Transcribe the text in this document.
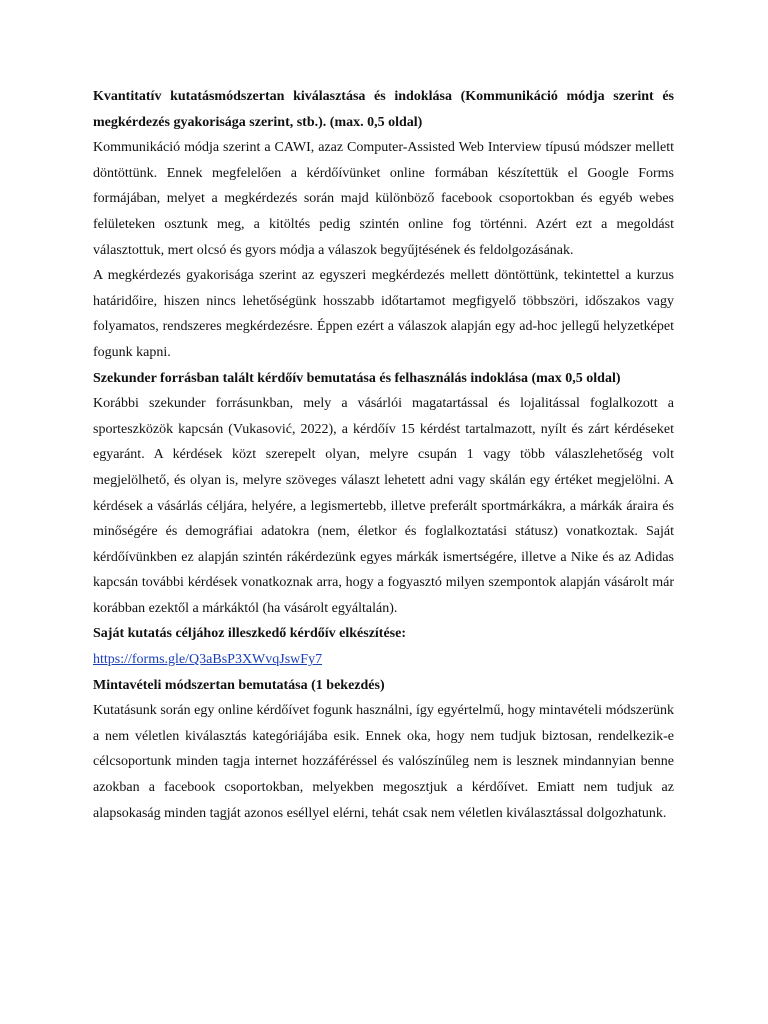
Kvantitatív kutatásmódszertan kiválasztása és indoklása (Kommunikáció módja szerint és megkérdezés gyakorisága szerint, stb.). (max. 0,5 oldal)

Kommunikáció módja szerint a CAWI, azaz Computer-Assisted Web Interview típusú módszer mellett döntöttünk. Ennek megfelelően a kérdőívünket online formában készítettük el Google Forms formájában, melyet a megkérdezés során majd különböző facebook csoportokban és egyéb webes felületeken osztunk meg, a kitöltés pedig szintén online fog történni. Azért ezt a megoldást választottuk, mert olcsó és gyors módja a válaszok begyűjtésének és feldolgozásának.

A megkérdezés gyakorisága szerint az egyszeri megkérdezés mellett döntöttünk, tekintettel a kurzus határidőire, hiszen nincs lehetőségünk hosszabb időtartamot megfigyelő többszöri, időszakos vagy folyamatos, rendszeres megkérdezésre. Éppen ezért a válaszok alapján egy ad-hoc jellegű helyzetképet fogunk kapni.

Szekunder forrásban talált kérdőív bemutatása és felhasználás indoklása (max 0,5 oldal)

Korábbi szekunder forrásunkban, mely a vásárlói magatartással és lojalitással foglalkozott a sporteszközök kapcsán (Vukasović, 2022), a kérdőív 15 kérdést tartalmazott, nyílt és zárt kérdéseket egyaránt. A kérdések közt szerepelt olyan, melyre csupán 1 vagy több válaszlehetőség volt megjelölhető, és olyan is, melyre szöveges választ lehetett adni vagy skálán egy értéket megjelölni. A kérdések a vásárlás céljára, helyére, a legismertebb, illetve preferált sportmárkákra, a márkák áraira és minőségére és demográfiai adatokra (nem, életkor és foglalkoztatási státusz) vonatkoztak. Saját kérdőívünkben ez alapján szintén rákérdezünk egyes márkák ismertségére, illetve a Nike és az Adidas kapcsán további kérdések vonatkoznak arra, hogy a fogyasztó milyen szempontok alapján vásárolt már korábban ezektől a márkáktól (ha vásárolt egyáltalán).

Saját kutatás céljához illeszkedő kérdőív elkészítése:

https://forms.gle/Q3aBsP3XWvqJswFy7

Mintavételi módszertan bemutatása (1 bekezdés)

Kutatásunk során egy online kérdőívet fogunk használni, így egyértelmű, hogy mintavételi módszerünk a nem véletlen kiválasztás kategóriájába esik. Ennek oka, hogy nem tudjuk biztosan, rendelkezik-e célcsoportunk minden tagja internet hozzáféréssel és valószínűleg nem is lesznek mindannyian benne azokban a facebook csoportokban, melyekben megosztjuk a kérdőívet. Emiatt nem tudjuk az alapsokaság minden tagját azonos eséllyel elérni, tehát csak nem véletlen kiválasztással dolgozhatunk.
